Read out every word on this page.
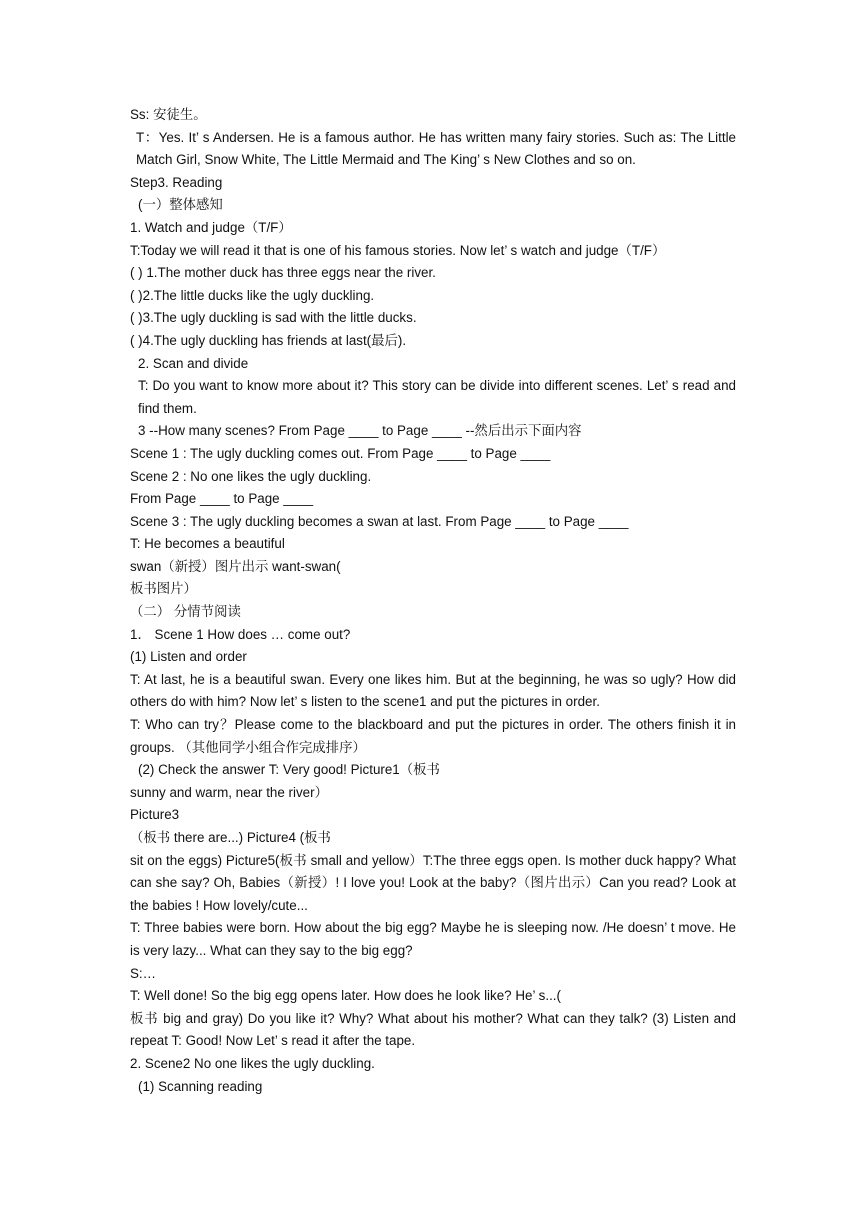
Ss: 安徒生。
T：Yes. It’ s Andersen. He is a famous author. He has written many fairy stories. Such as: The Little Match Girl, Snow White, The Little Mermaid and The King’ s New Clothes and so on.
Step3. Reading
(一）整体感知
1. Watch and judge（T/F）
T:Today we will read it that is one of his famous stories. Now let’ s watch and judge（T/F）
( ) 1.The mother duck has three eggs near the river.
( )2.The little ducks like the ugly duckling.
( )3.The ugly duckling is sad with the little ducks.
( )4.The ugly duckling has friends at last(最后).
2. Scan and divide
T: Do you want to know more about it? This story can be divide into different scenes. Let’ s read and find them.
3 --How many scenes? From Page ____ to Page ____ --然后出示下面内容
Scene 1 : The ugly duckling comes out. From Page ____ to Page ____
Scene 2 : No one likes the ugly duckling.
From Page ____ to Page ____
Scene 3 : The ugly duckling becomes a swan at last. From Page ____ to Page ____
T: He becomes a beautiful
swan（新授）图片出示 want-swan(
板书图片）
（二） 分情节阅读
1． Scene 1 How does … come out?
(1) Listen and order
T: At last, he is a beautiful swan. Every one likes him. But at the beginning, he was so ugly? How did others do with him? Now let’ s listen to the scene1 and put the pictures in order.
T: Who can try？Please come to the blackboard and put the pictures in order. The others finish it in groups. （其他同学小组合作完成排序）
(2) Check the answer T: Very good! Picture1（板书
sunny and warm, near the river）
Picture3
（板书 there are...) Picture4 (板书
sit on the eggs) Picture5(板书 small and yellow）T:The three eggs open. Is mother duck happy? What can she say? Oh, Babies（新授）! I love you! Look at the baby?（图片出示）Can you read? Look at the babies ! How lovely/cute...
T: Three babies were born. How about the big egg? Maybe he is sleeping now. /He doesn’ t move. He is very lazy... What can they say to the big egg?
S:…
T: Well done! So the big egg opens later. How does he look like? He’ s...(
板书 big and gray) Do you like it? Why? What about his mother? What can they talk? (3) Listen and repeat T: Good! Now Let’ s read it after the tape.
2. Scene2 No one likes the ugly duckling.
(1) Scanning reading
